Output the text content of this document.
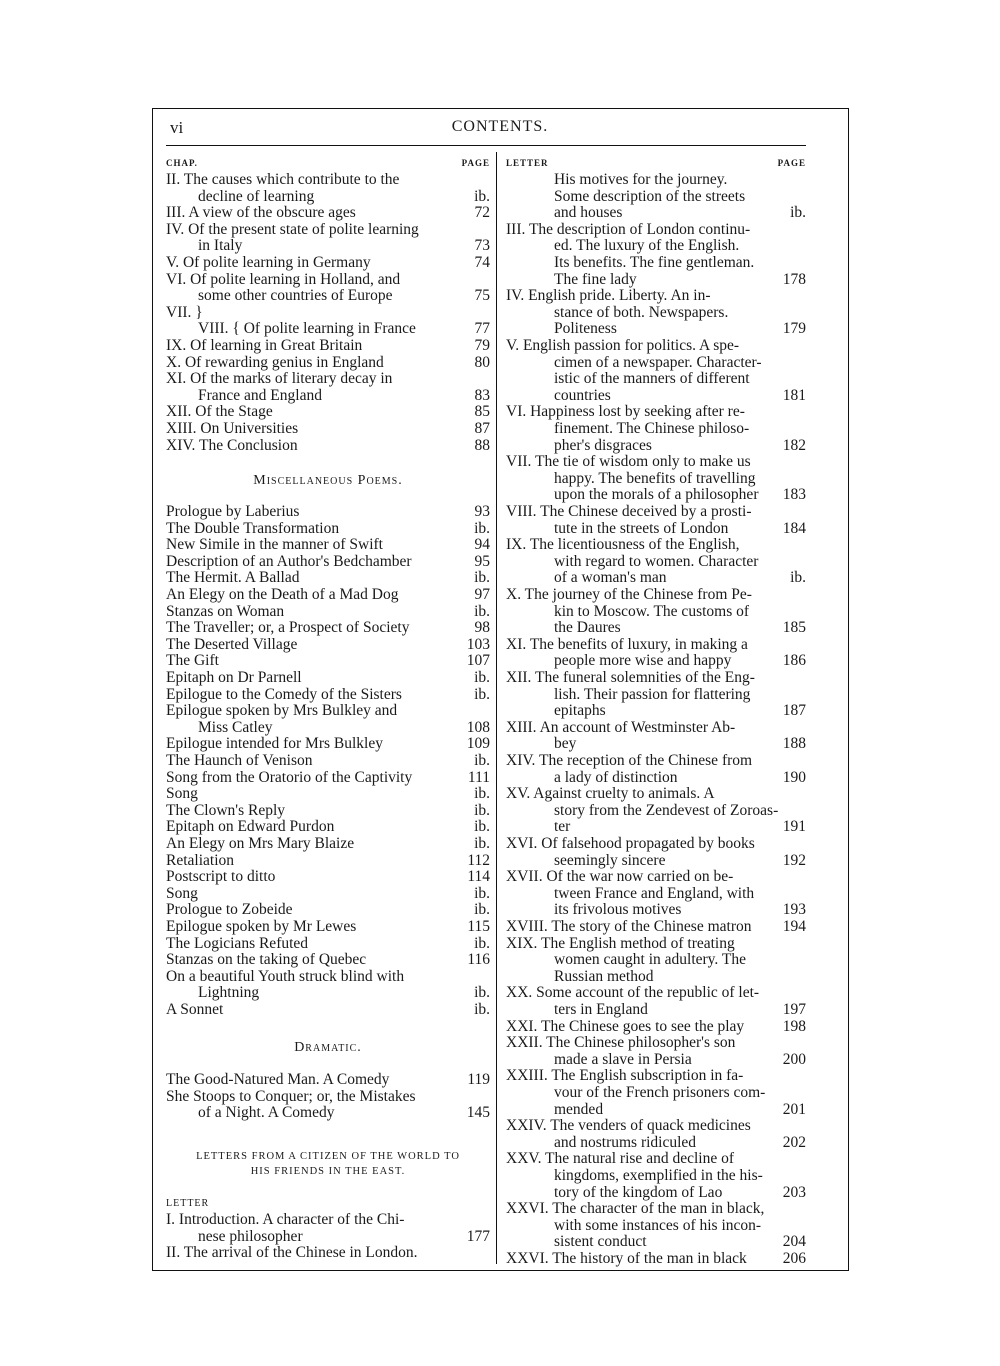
vi	CONTENTS.
CHAP.	PAGE
II. The causes which contribute to the
decline of learning	ib.
III. A view of the obscure ages	72
IV. Of the present state of polite learning
in Italy	73
V. Of polite learning in Germany	74
VI. Of polite learning in Holland, and
some other countries of Europe	75
VII. }
VIII. { Of polite learning in France	77
IX. Of learning in Great Britain	79
X. Of rewarding genius in England	80
XI. Of the marks of literary decay in
France and England	83
XII. Of the Stage	85
XIII. On Universities	87
XIV. The Conclusion	88
Miscellaneous Poems.
Prologue by Laberius	93
The Double Transformation	ib.
New Simile in the manner of Swift	94
Description of an Author's Bedchamber	95
The Hermit. A Ballad	ib.
An Elegy on the Death of a Mad Dog	97
Stanzas on Woman	ib.
The Traveller; or, a Prospect of Society	98
The Deserted Village	103
The Gift	107
Epitaph on Dr Parnell	ib.
Epilogue to the Comedy of the Sisters	ib.
Epilogue spoken by Mrs Bulkley and
Miss Catley	108
Epilogue intended for Mrs Bulkley	109
The Haunch of Venison	ib.
Song from the Oratorio of the Captivity	111
Song	ib.
The Clown's Reply	ib.
Epitaph on Edward Purdon	ib.
An Elegy on Mrs Mary Blaize	ib.
Retaliation	112
Postscript to ditto	114
Song	ib.
Prologue to Zobeide	ib.
Epilogue spoken by Mr Lewes	115
The Logicians Refuted	ib.
Stanzas on the taking of Quebec	116
On a beautiful Youth struck blind with
Lightning	ib.
A Sonnet	ib.
Dramatic.
The Good-Natured Man. A Comedy	119
She Stoops to Conquer; or, the Mistakes
of a Night. A Comedy	145
LETTERS FROM A CITIZEN OF THE WORLD TO
HIS FRIENDS IN THE EAST.
LETTER
I. Introduction. A character of the Chi-
nese philosopher	177
II. The arrival of the Chinese in London.
LETTER	PAGE
His motives for the journey.
Some description of the streets
and houses	ib.
III. The description of London continu-
ed. The luxury of the English.
Its benefits. The fine gentleman.
The fine lady	178
IV. English pride. Liberty. An in-
stance of both. Newspapers.
Politeness	179
V. English passion for politics. A spe-
cimen of a newspaper. Character-
istic of the manners of different
countries	181
VI. Happiness lost by seeking after re-
finement. The Chinese philoso-
pher's disgraces	182
VII. The tie of wisdom only to make us
happy. The benefits of travelling
upon the morals of a philosopher 183
VIII. The Chinese deceived by a prosti-
tute in the streets of London	184
IX. The licentiousness of the English,
with regard to women. Character
of a woman's man	ib.
X. The journey of the Chinese from Pe-
kin to Moscow. The customs of
the Daures	185
XI. The benefits of luxury, in making a
people more wise and happy	186
XII. The funeral solemnities of the Eng-
lish. Their passion for flattering
epitaphs	187
XIII. An account of Westminster Ab-
bey	188
XIV. The reception of the Chinese from
a lady of distinction	190
XV. Against cruelty to animals. A
story from the Zendevest of Zoroas-
ter	191
XVI. Of falsehood propagated by books
seemingly sincere	192
XVII. Of the war now carried on be-
tween France and England, with
its frivolous motives	193
XVIII. The story of the Chinese matron 194
XIX. The English method of treating
women caught in adultery. The
Russian method
XX. Some account of the republic of let-
ters in England	197
XXI. The Chinese goes to see the play 198
XXII. The Chinese philosopher's son
made a slave in Persia	200
XXIII. The English subscription in fa-
vour of the French prisoners com-
mended	201
XXIV. The venders of quack medicines
and nostrums ridiculed	202
XXV. The natural rise and decline of
kingdoms, exemplified in the his-
tory of the kingdom of Lao	203
XXVI. The character of the man in black,
with some instances of his incon-
sistent conduct	204
XXVI. The history of the man in black 206
